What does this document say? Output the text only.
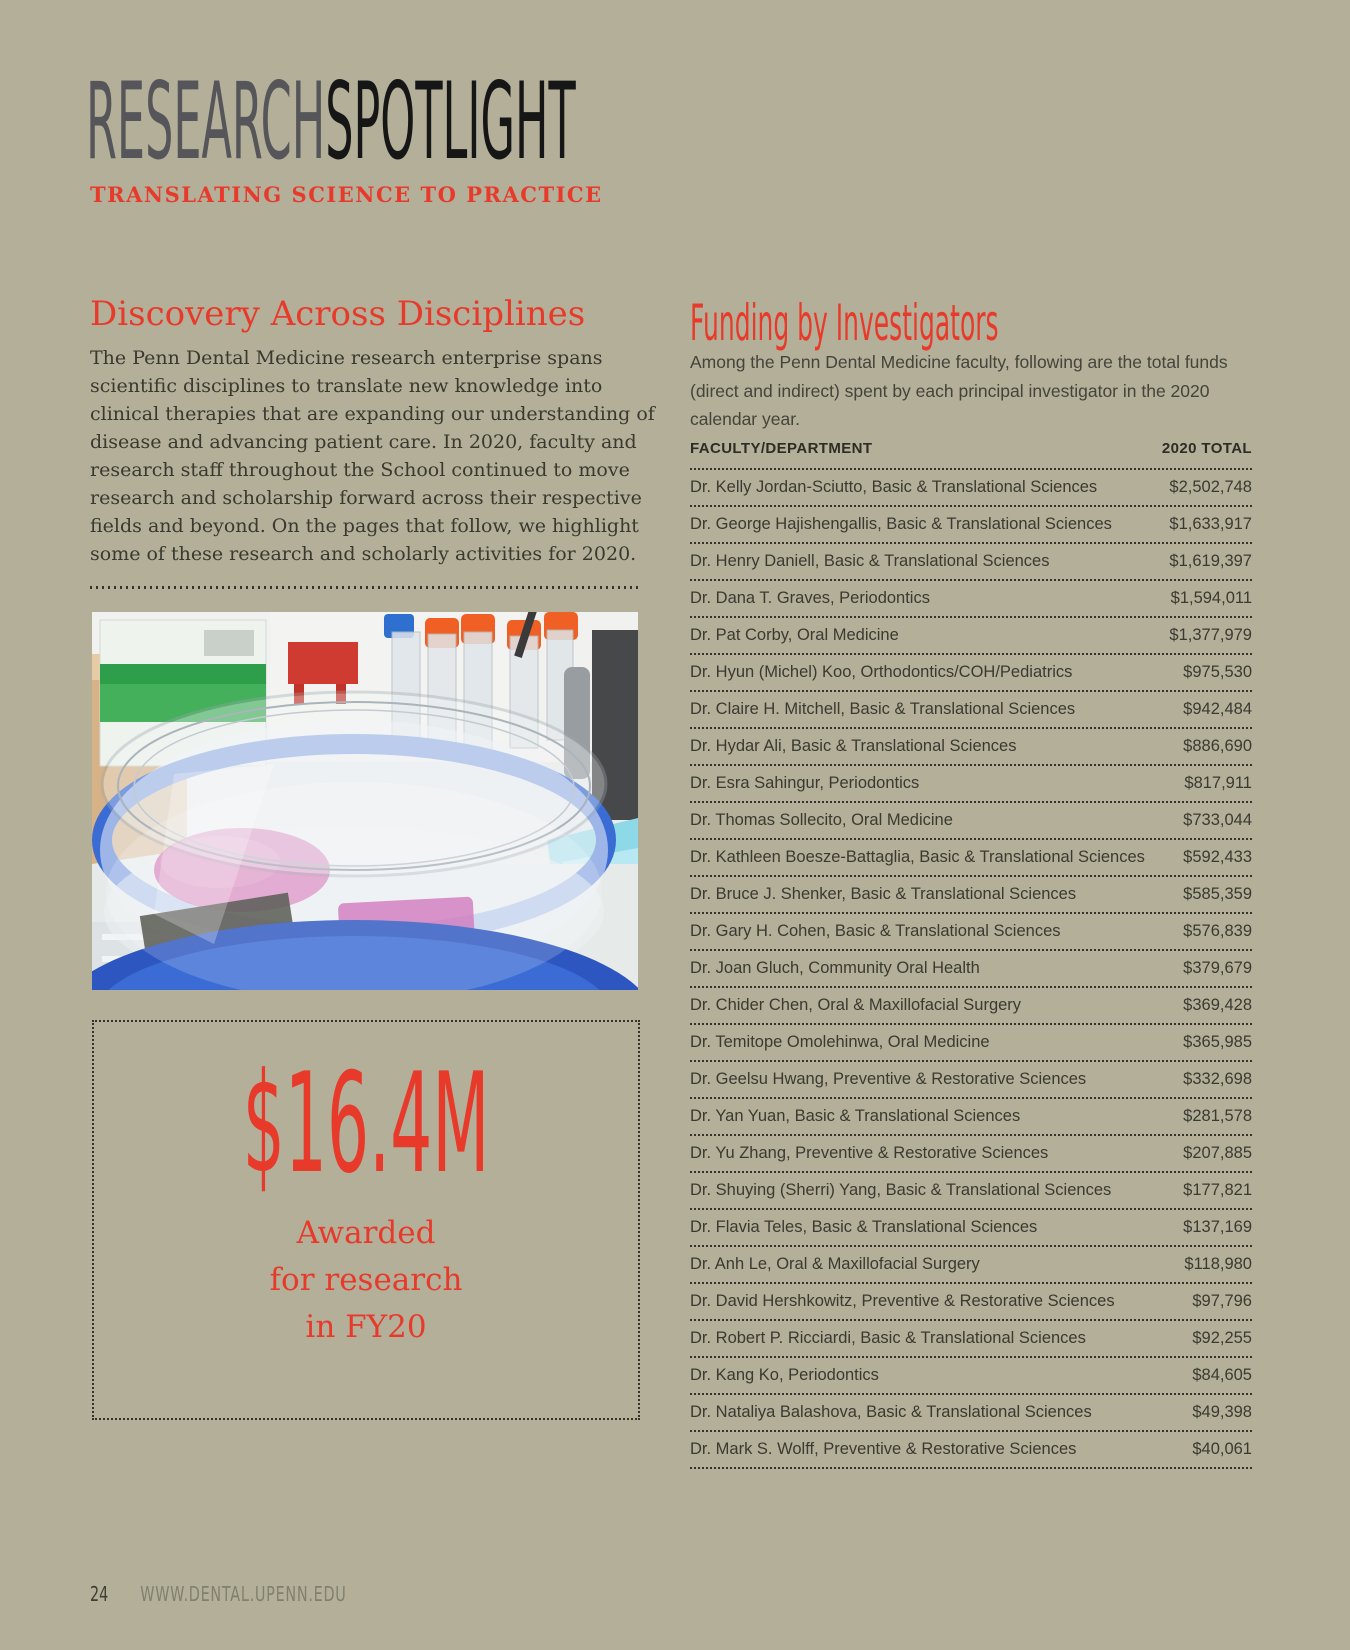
RESEARCHSPOTLIGHT
TRANSLATING SCIENCE TO PRACTICE
Discovery Across Disciplines
The Penn Dental Medicine research enterprise spans scientific disciplines to translate new knowledge into clinical therapies that are expanding our understanding of disease and advancing patient care. In 2020, faculty and research staff throughout the School continued to move research and scholarship forward across their respective fields and beyond. On the pages that follow, we highlight some of these research and scholarly activities for 2020.
$16.4M
Awarded
for research
in FY20
Funding by Investigators
Among the Penn Dental Medicine faculty, following are the total funds (direct and indirect) spent by each principal investigator in the 2020 calendar year.
FACULTY/DEPARTMENT	2020 TOTAL
Dr. Kelly Jordan-Sciutto, Basic & Translational Sciences	$2,502,748
Dr. George Hajishengallis, Basic & Translational Sciences	$1,633,917
Dr. Henry Daniell, Basic & Translational Sciences	$1,619,397
Dr. Dana T. Graves, Periodontics	$1,594,011
Dr. Pat Corby, Oral Medicine	$1,377,979
Dr. Hyun (Michel) Koo, Orthodontics/COH/Pediatrics	$975,530
Dr. Claire H. Mitchell, Basic & Translational Sciences	$942,484
Dr. Hydar Ali, Basic & Translational Sciences	$886,690
Dr. Esra Sahingur, Periodontics	$817,911
Dr. Thomas Sollecito, Oral Medicine	$733,044
Dr. Kathleen Boesze-Battaglia, Basic & Translational Sciences	$592,433
Dr. Bruce J. Shenker, Basic & Translational Sciences	$585,359
Dr. Gary H. Cohen, Basic & Translational Sciences	$576,839
Dr. Joan Gluch, Community Oral Health	$379,679
Dr. Chider Chen, Oral & Maxillofacial Surgery	$369,428
Dr. Temitope Omolehinwa, Oral Medicine	$365,985
Dr. Geelsu Hwang, Preventive & Restorative Sciences	$332,698
Dr. Yan Yuan, Basic & Translational Sciences	$281,578
Dr. Yu Zhang, Preventive & Restorative Sciences	$207,885
Dr. Shuying (Sherri) Yang, Basic & Translational Sciences	$177,821
Dr. Flavia Teles, Basic & Translational Sciences	$137,169
Dr. Anh Le, Oral & Maxillofacial Surgery	$118,980
Dr. David Hershkowitz, Preventive & Restorative Sciences	$97,796
Dr. Robert P. Ricciardi, Basic & Translational Sciences	$92,255
Dr. Kang Ko, Periodontics	$84,605
Dr. Nataliya Balashova, Basic & Translational Sciences	$49,398
Dr. Mark S. Wolff, Preventive & Restorative Sciences	$40,061
24 WWW.DENTAL.UPENN.EDU
